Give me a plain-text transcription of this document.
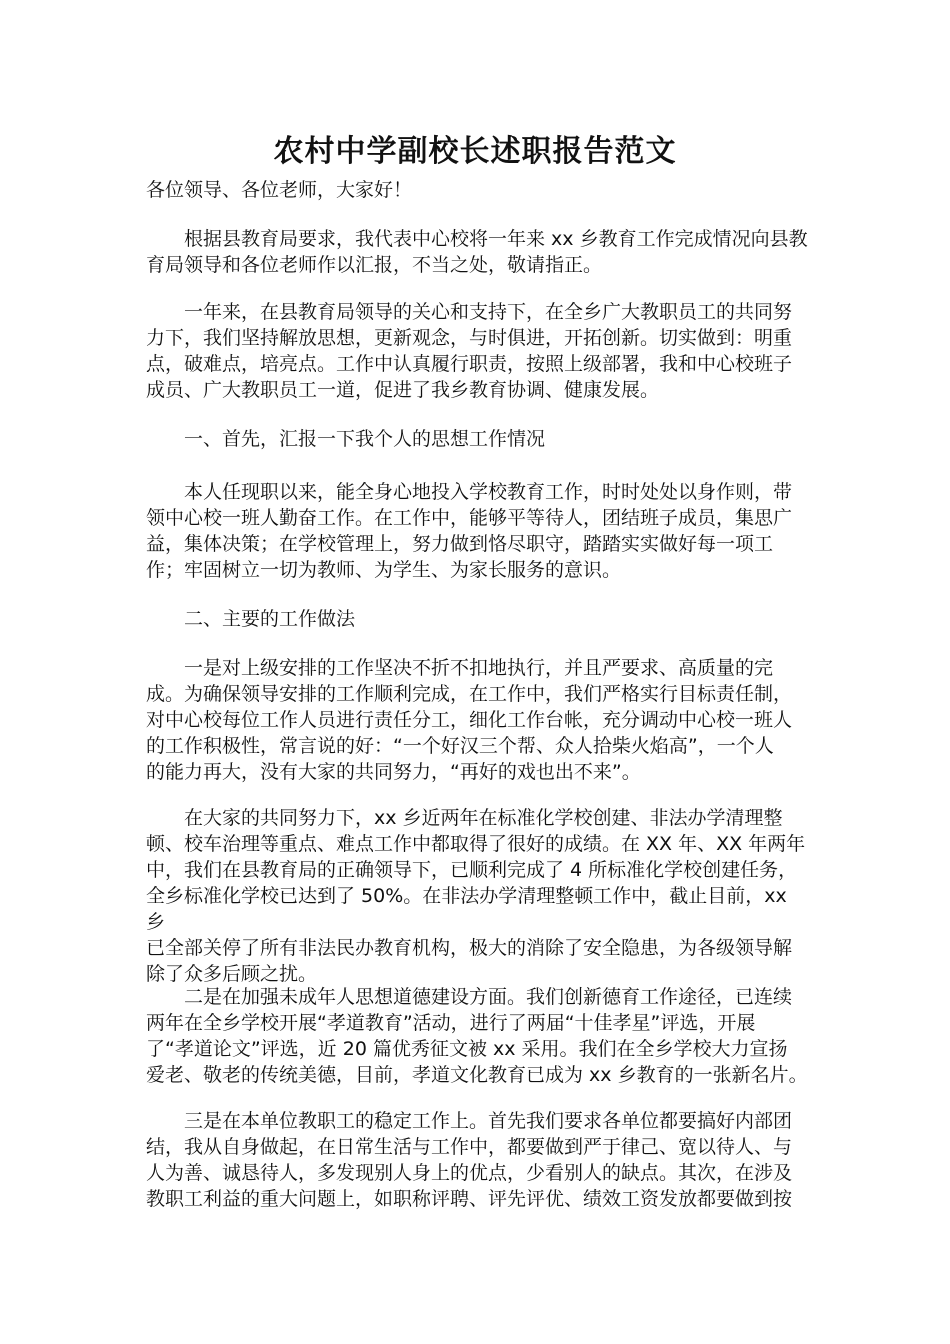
农村中学副校长述职报告范文

各位领导、各位老师，大家好！

根据县教育局要求，我代表中心校将一年来 xx 乡教育工作完成情况向县教
育局领导和各位老师作以汇报，不当之处，敬请指正。

一年来，在县教育局领导的关心和支持下，在全乡广大教职员工的共同努
力下，我们坚持解放思想，更新观念，与时俱进，开拓创新。切实做到：明重
点，破难点，培亮点。工作中认真履行职责，按照上级部署，我和中心校班子
成员、广大教职员工一道，促进了我乡教育协调、健康发展。

一、首先，汇报一下我个人的思想工作情况

本人任现职以来，能全身心地投入学校教育工作，时时处处以身作则，带
领中心校一班人勤奋工作。在工作中，能够平等待人，团结班子成员，集思广
益，集体决策；在学校管理上，努力做到恪尽职守，踏踏实实做好每一项工
作；牢固树立一切为教师、为学生、为家长服务的意识。

二、主要的工作做法

一是对上级安排的工作坚决不折不扣地执行，并且严要求、高质量的完
成。为确保领导安排的工作顺利完成，在工作中，我们严格实行目标责任制，
对中心校每位工作人员进行责任分工，细化工作台帐，充分调动中心校一班人
的工作积极性，常言说的好：“一个好汉三个帮、众人拾柴火焰高”，一个人
的能力再大，没有大家的共同努力，“再好的戏也出不来”。

在大家的共同努力下，xx 乡近两年在标准化学校创建、非法办学清理整
顿、校车治理等重点、难点工作中都取得了很好的成绩。在 XX 年、XX 年两年
中，我们在县教育局的正确领导下，已顺利完成了 4 所标准化学校创建任务，
全乡标准化学校已达到了 50%。在非法办学清理整顿工作中，截止目前，xx 乡
已全部关停了所有非法民办教育机构，极大的消除了安全隐患，为各级领导解
除了众多后顾之扰。

二是在加强未成年人思想道德建设方面。我们创新德育工作途径，已连续
两年在全乡学校开展“孝道教育”活动，进行了两届“十佳孝星”评选，开展
了“孝道论文”评选，近 20 篇优秀征文被 xx 采用。我们在全乡学校大力宣扬
爱老、敬老的传统美德，目前，孝道文化教育已成为 xx 乡教育的一张新名片。

三是在本单位教职工的稳定工作上。首先我们要求各单位都要搞好内部团
结，我从自身做起，在日常生活与工作中，都要做到严于律己、宽以待人、与
人为善、诚恳待人，多发现别人身上的优点，少看别人的缺点。其次，在涉及
教职工利益的重大问题上，如职称评聘、评先评优、绩效工资发放都要做到按
